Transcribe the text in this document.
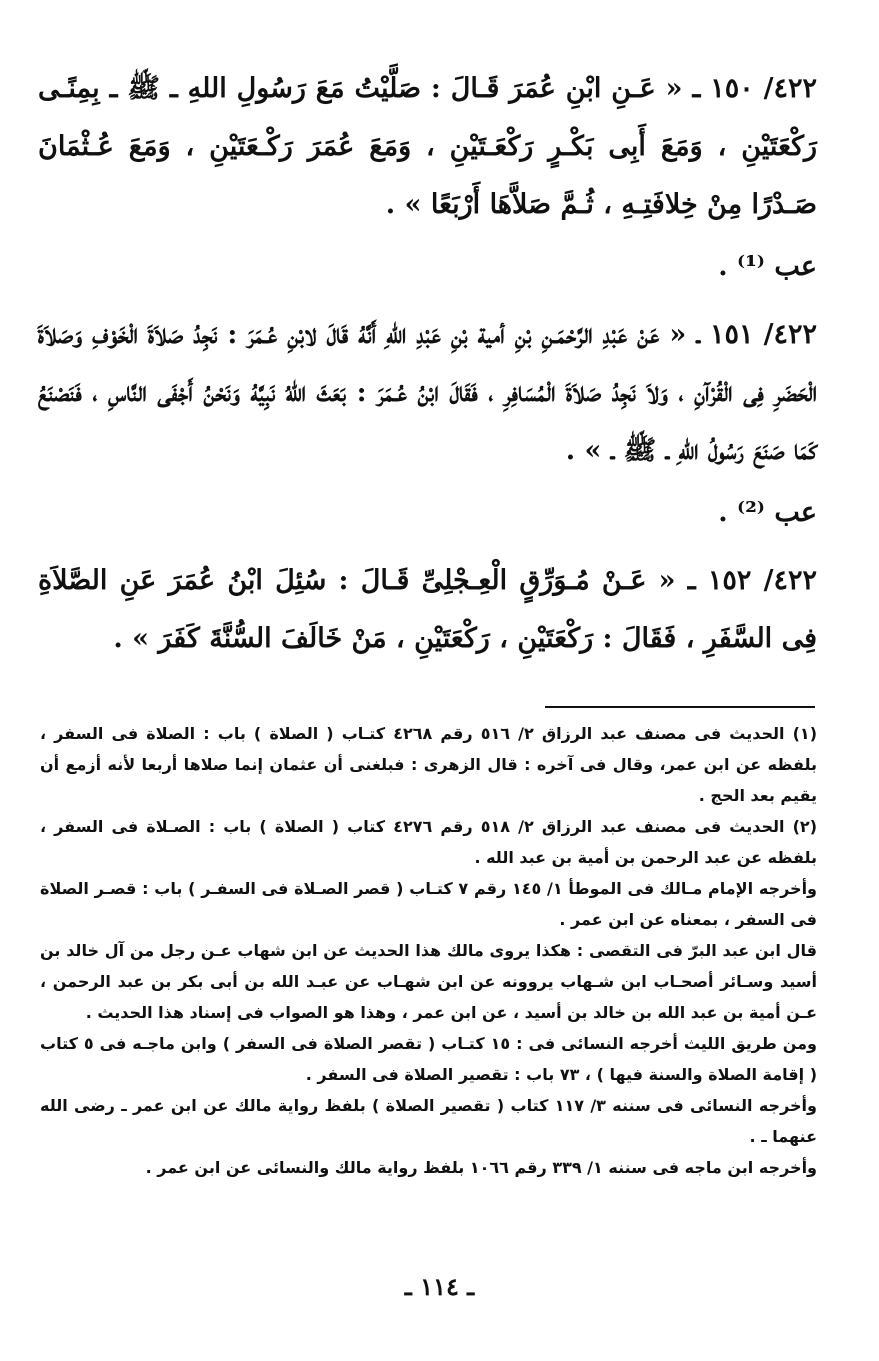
٤٢٢/ ١٥٠ ـ « عَـنِ ابْنِ عُمَرَ قَـالَ : صَلَّيْتُ مَعَ رَسُولِ اللهِ ـ ﷺ ـ بِمِنًـى رَكْعَتَيْنِ ، وَمَعَ أَبِى بَكْـرٍ رَكْعَـتَيْنِ ، وَمَعَ عُمَرَ رَكْـعَتَيْنِ ، وَمَعَ عُـثْمَانَ صَـدْرًا مِنْ خِلافَتِـهِ ، ثُـمَّ صَلاَّهَا أَرْبَعًا » .

عب ⁽¹⁾ .

٤٢٢/ ١٥١ ـ « عَنْ عَبْدِ الرَّحْمَـنِ بْنِ أمية بْنِ عَبْدِ اللهِ أَنَّهُ قَالَ لابْنِ عُـمَرَ : نَجِدُ صَلاَةَ الْخَوْفِ وَصَلاَةَ الْحَضَرِ فِى الْقُرْآنِ ، وَلاَ نَجِدُ صَلاَةَ الْمُسَافِرِ ، فَقَالَ ابْنُ عُـمَرَ : بَعَثَ اللهُ نَبِيَّهُ وَنَحْنُ أَجْفَى النَّاسِ ، فَنَصْنَعُ كَمَا صَنَعَ رَسُولُ اللهِ ـ ﷺ ـ » .

عب ⁽²⁾ .

٤٢٢/ ١٥٢ ـ « عَـنْ مُـوَرِّقٍ الْعِـجْلِىِّ قَـالَ : سُئِلَ ابْنُ عُمَرَ عَنِ الصَّلاَةِ فِى السَّفَرِ ، فَقَالَ : رَكْعَتَيْنِ ، رَكْعَتَيْنِ ، مَنْ خَالَفَ السُّنَّةَ كَفَرَ » .

(١) الحديث فى مصنف عبد الرزاق ٢/ ٥١٦ رقم ٤٢٦٨ كتـاب ( الصلاة ) باب : الصلاة فى السفر ، بلفظه عن ابن عمر، وقال فى آخره : قال الزهرى : فبلغنى أن عثمان إنما صلاها أربعا لأنه أزمع أن يقيم بعد الحج .

(٢) الحديث فى مصنف عبد الرزاق ٢/ ٥١٨ رقم ٤٢٧٦ كتاب ( الصلاة ) باب : الصـلاة فى السفر ، بلفظه عن عبد الرحمن بن أمية بن عبد الله .

وأخرجه الإمام مـالك فى الموطأ ١/ ١٤٥ رقم ٧ كتـاب ( قصر الصـلاة فى السفـر ) باب : قصـر الصلاة فى السفر ، بمعناه عن ابن عمر .

قال ابن عبد البرّ فى التقصى : هكذا يروى مالك هذا الحديث عن ابن شهاب عـن رجل من آل خالد بن أسيد وسـائر أصحـاب ابن شـهاب يروونه عن ابن شهـاب عن عبـد الله بن أبى بكر بن عبد الرحمن ، عـن أمية بن عبد الله بن خالد بن أسيد ، عن ابن عمر ، وهذا هو الصواب فى إسناد هذا الحديث .

ومن طريق الليث أخرجه النسائى فى : ١٥ كتـاب ( تقصر الصلاة فى السفر ) وابن ماجـه فى ٥ كتاب ( إقامة الصلاة والسنة فيها ) ، ٧٣ باب : تقصير الصلاة فى السفر .

وأخرجه النسائى فى سننه ٣/ ١١٧ كتاب ( تقصير الصلاة ) بلفظ رواية مالك عن ابن عمر ـ رضى الله عنهما ـ .

وأخرجه ابن ماجه فى سننه ١/ ٣٣٩ رقم ١٠٦٦ بلفظ رواية مالك والنسائى عن ابن عمر .

ـ ١١٤ ـ
